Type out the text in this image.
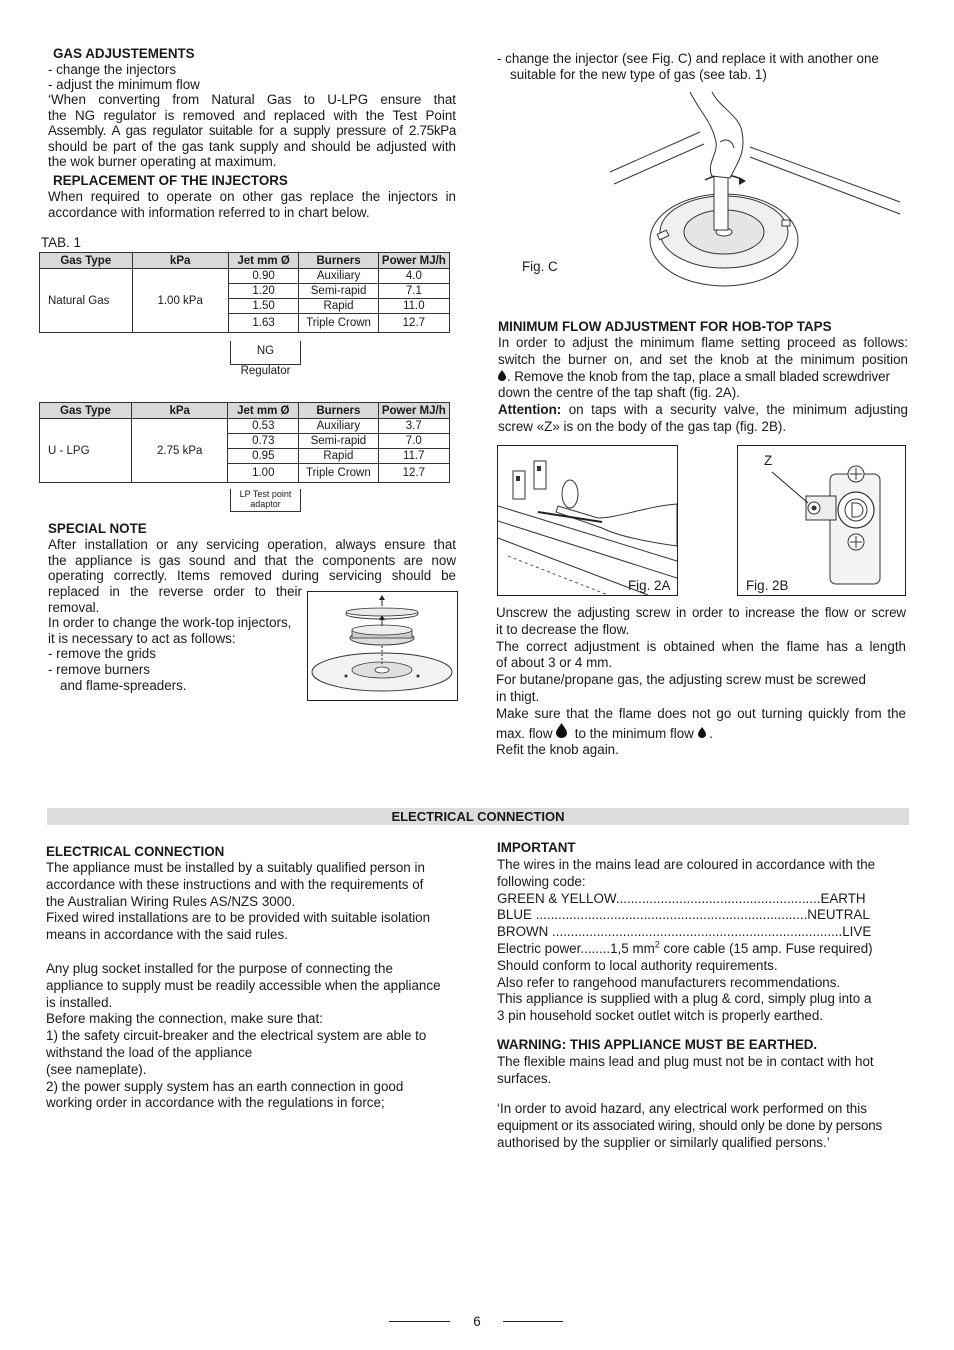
GAS ADJUSTEMENTS
- change the injectors
- adjust the minimum flow

‘When converting from Natural Gas to U-LPG ensure that

the NG regulator is removed and replaced with the Test Point

Assembly. A gas regulator suitable for a supply pressure of 2.75kPa

should be part of the gas tank supply and should be adjusted with

the wok burner operating at maximum.

REPLACEMENT OF THE INJECTORS

When required to operate on other gas replace the injectors in

accordance with information referred to in chart below.

TAB. 1
Gas Type	kPa	Jet mm Ø	Burners	Power MJ/h
Natural Gas	1.00 kPa	0.90	Auxiliary	4.0
		1.20	Semi-rapid	7.1
		1.50	Rapid	11.0
		1.63	Triple Crown	12.7
NG Regulator
Gas Type	kPa	Jet mm Ø	Burners	Power MJ/h
U - LPG	2.75 kPa	0.53	Auxiliary	3.7
		0.73	Semi-rapid	7.0
		0.95	Rapid	11.7
		1.00	Triple Crown	12.7
LP Test point
adaptor
SPECIAL NOTE

After installation or any servicing operation, always ensure that

the appliance is gas sound and that the components are now

operating correctly. Items removed during servicing should be

replaced in the reverse order to their

removal.

In order to change the work-top injectors,

it is necessary to act as follows:

- remove the grids

- remove burners

and flame-spreaders.

- change the injector (see Fig. C) and replace it with another one

suitable for the new type of gas (see tab. 1)

Fig. C
MINIMUM FLOW ADJUSTMENT FOR HOB-TOP TAPS

In order to adjust the minimum flame setting proceed as follows:

switch the burner on, and set the knob at the minimum position

. Remove the knob from the tap, place a small bladed screwdriver

down the centre of the tap shaft (fig. 2A).

Attention: on taps with a security valve, the minimum adjusting

screw «Z» is on the body of the gas tap (fig. 2B).

Fig. 2A
Z
Fig. 2B

Unscrew the adjusting screw in order to increase the flow or screw

it to decrease the flow.

The correct adjustment is obtained when the flame has a length

of about 3 or 4 mm.

For butane/propane gas, the adjusting screw must be screwed

in thigt.

Make sure that the flame does not go out turning quickly from the

max. flow to the minimum flow .

Refit the knob again.

ELECTRICAL CONNECTION
ELECTRICAL CONNECTION

The appliance must be installed by a suitably qualified person in

accordance with these instructions and with the requirements of

the Australian Wiring Rules AS/NZS 3000.

Fixed wired installations are to be provided with suitable isolation

means in accordance with the said rules.

Any plug socket installed for the purpose of connecting the

appliance to supply must be readily accessible when the appliance

is installed.

Before making the connection, make sure that:

1) the safety circuit-breaker and the electrical system are able to

withstand the load of the appliance

(see nameplate).

2) the power supply system has an earth connection in good

working order in accordance with the regulations in force;

IMPORTANT

The wires in the mains lead are coloured in accordance with the

following code:

GREEN & YELLOW.......................................................EARTH

BLUE .........................................................................NEUTRAL

BROWN ..............................................................................LIVE

Electric power........1,5 $mm^2$ core cable (15 amp. Fuse required)

Should conform to local authority requirements.

Also refer to rangehood manufacturers recommendations.

This appliance is supplied with a plug & cord, simply plug into a

3 pin household socket outlet witch is properly earthed.

WARNING: THIS APPLIANCE MUST BE EARTHED.

The flexible mains lead and plug must not be in contact with hot

surfaces.

‘In order to avoid hazard, any electrical work performed on this

equipment or its associated wiring, should only be done by persons

authorised by the supplier or similarly qualified persons.’

6
